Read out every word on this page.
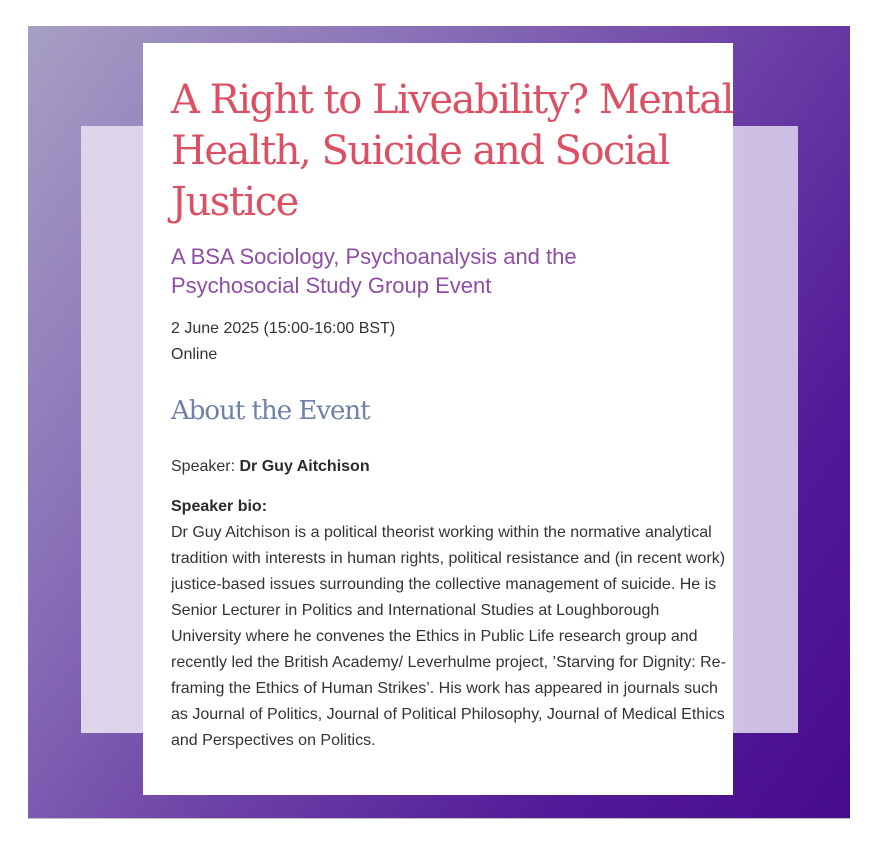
A Right to Liveability? Mental Health, Suicide and Social Justice
A BSA Sociology, Psychoanalysis and the Psychosocial Study Group Event
2 June 2025 (15:00-16:00 BST)
Online
About the Event
Speaker: Dr Guy Aitchison
Speaker bio:
Dr Guy Aitchison is a political theorist working within the normative analytical tradition with interests in human rights, political resistance and (in recent work) justice-based issues surrounding the collective management of suicide. He is Senior Lecturer in Politics and International Studies at Loughborough University where he convenes the Ethics in Public Life research group and recently led the British Academy/ Leverhulme project, ’Starving for Dignity: Re-framing the Ethics of Human Strikes’. His work has appeared in journals such as Journal of Politics, Journal of Political Philosophy, Journal of Medical Ethics and Perspectives on Politics.
